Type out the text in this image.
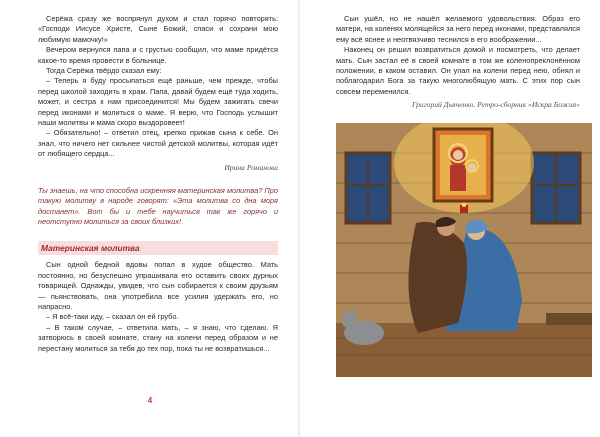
Серёжа сразу же воспрянул духом и стал горячо повторять: «Господи Иисусе Христе, Сыне Божий, спаси и сохрани мою любимую мамочку!»

Вечером вернулся папа и с грустью сообщил, что маме придётся какое-то время провести в больнице.

Тогда Серёжа твёрдо сказал ему:

– Теперь я буду просыпаться ещё раньше, чем прежде, чтобы перед школой заходить в храм. Папа, давай будем ещё туда ходить, может, и сестра к нам присоединится! Мы будем зажигать свечи перед иконами и молиться о маме. Я верю, что Господь услышит наши молитвы и мама скоро выздоровеет!

– Обязательно! – ответил отец, крепко прижав сына к себе. Он знал, что ничего нет сильнее чистой детской молитвы, которая идёт от любящего сердца...

Ирина Романова
Ты знаешь, на что способна искренняя материнская молитва? Про такую молитву в народе говорят: «Эта молитва со дна моря достанет». Вот бы и тебе научиться так же горячо и неотступно молиться за своих близких!
Материнская молитва

Сын одной бедной вдовы попал в худое общество. Мать постоянно, но безуспешно упрашивала его оставить своих дурных товарищей. Однажды, увидев, что сын собирается к своим друзьям — пьянствовать, она употребила все усилия удержать его, но напрасно.

– Я всё-таки иду, – сказал он ей грубо.

– В таком случае, – ответила мать, – я знаю, что сделаю. Я затворюсь в своей комнате, стану на колени перед образом и не перестану молиться за тебя до тех пор, пока ты не возвратишься...

4

Сын ушёл, но не нашёл желаемого удовольствия. Образ его матери, на коленях молящейся за него перед иконами, представлялся ему всё яснее и неотвязчиво теснился в его воображении...

Наконец он решил возвратиться домой и посмотреть, что делает мать. Сын застал её в своей комнате в том же коленопреклонённом положении, в каком оставил. Он упал на колени перед нею, обнял и поблагодарил Бога за такую многолюбящую мать. С этих пор сын совсем переменился.

Григорий Дьяченко. Ретро-сборник «Искра Божия»
